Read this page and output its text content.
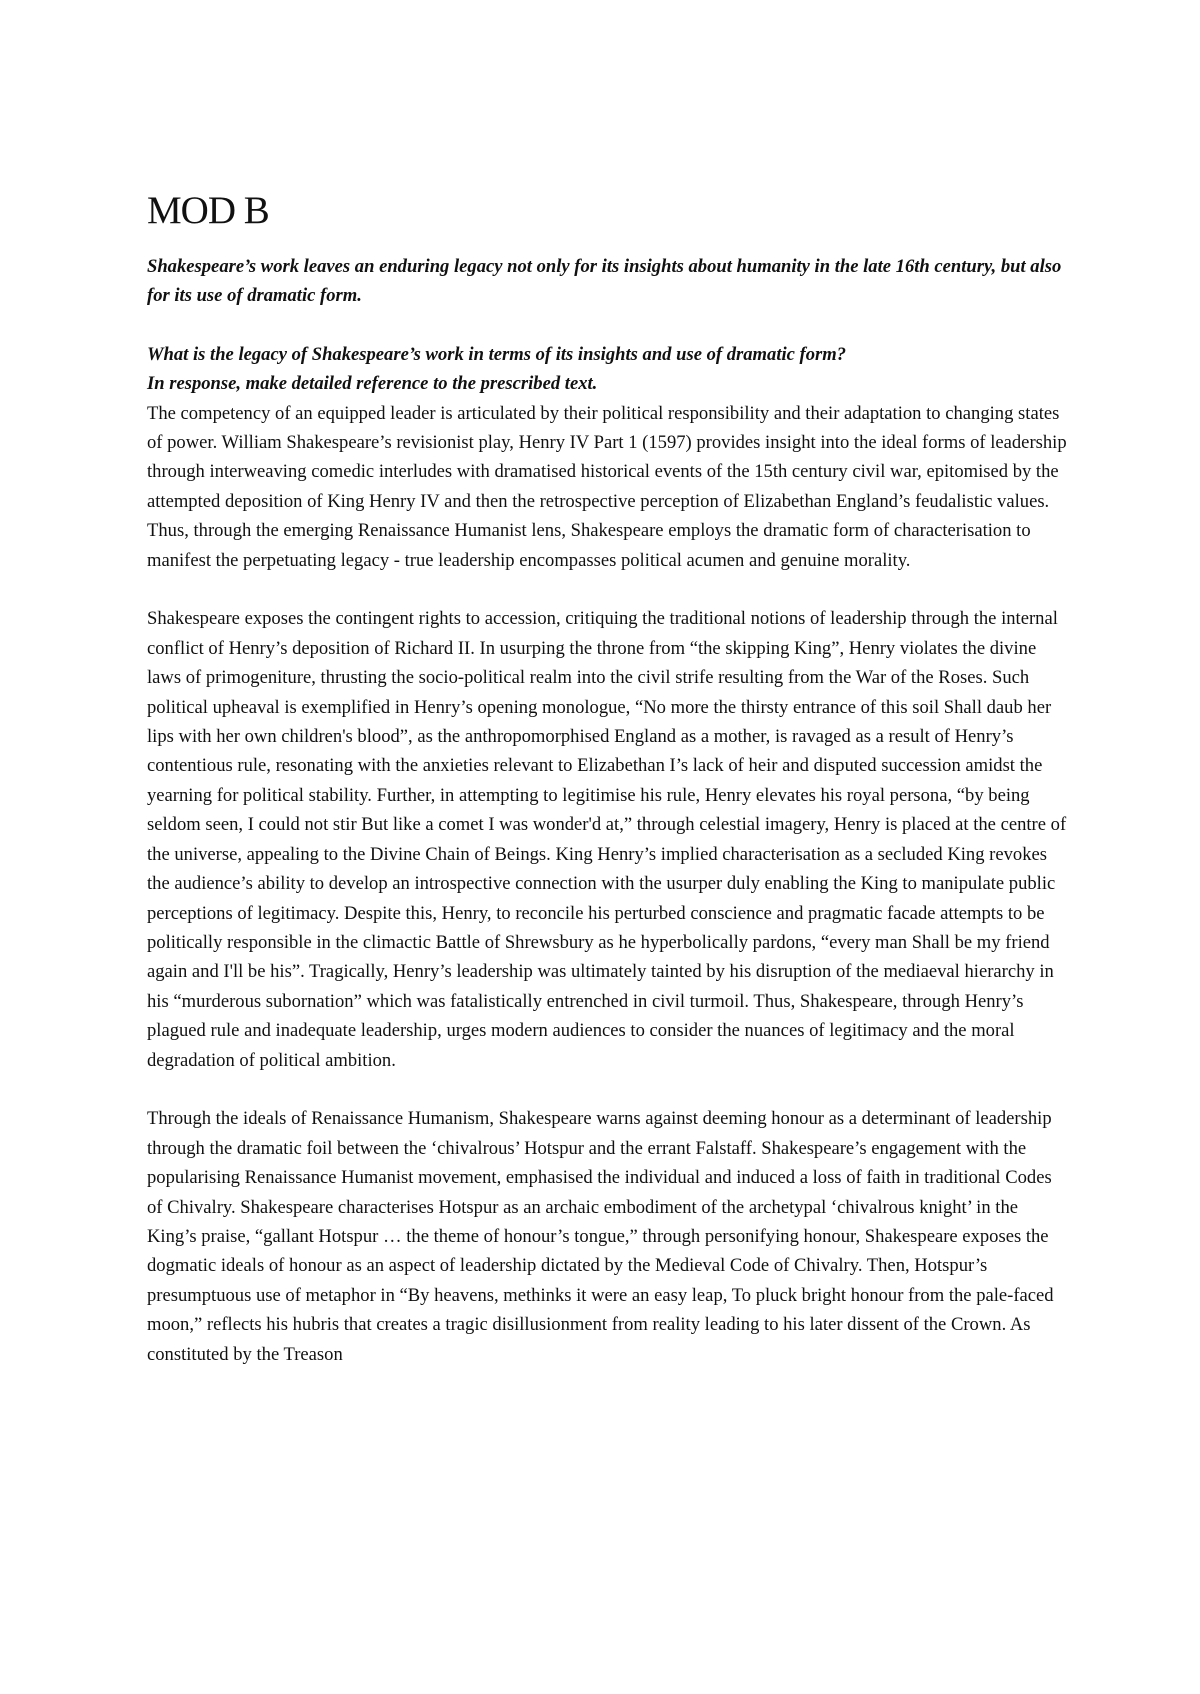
MOD B

Shakespeare’s work leaves an enduring legacy not only for its insights about humanity in the late 16th century, but also for its use of dramatic form.

What is the legacy of Shakespeare’s work in terms of its insights and use of dramatic form?

In response, make detailed reference to the prescribed text.

The competency of an equipped leader is articulated by their political responsibility and their adaptation to changing states of power. William Shakespeare’s revisionist play, Henry IV Part 1 (1597) provides insight into the ideal forms of leadership through interweaving comedic interludes with dramatised historical events of the 15th century civil war, epitomised by the attempted deposition of King Henry IV and then the retrospective perception of Elizabethan England’s feudalistic values. Thus, through the emerging Renaissance Humanist lens, Shakespeare employs the dramatic form of characterisation to manifest the perpetuating legacy - true leadership encompasses political acumen and genuine morality.

Shakespeare exposes the contingent rights to accession, critiquing the traditional notions of leadership through the internal conflict of Henry’s deposition of Richard II. In usurping the throne from “the skipping King”, Henry violates the divine laws of primogeniture, thrusting the socio-political realm into the civil strife resulting from the War of the Roses. Such political upheaval is exemplified in Henry’s opening monologue, “No more the thirsty entrance of this soil Shall daub her lips with her own children's blood”, as the anthropomorphised England as a mother, is ravaged as a result of Henry’s contentious rule, resonating with the anxieties relevant to Elizabethan I’s lack of heir and disputed succession amidst the yearning for political stability. Further, in attempting to legitimise his rule, Henry elevates his royal persona, “by being seldom seen, I could not stir But like a comet I was wonder'd at,” through celestial imagery, Henry is placed at the centre of the universe, appealing to the Divine Chain of Beings. King Henry’s implied characterisation as a secluded King revokes the audience’s ability to develop an introspective connection with the usurper duly enabling the King to manipulate public perceptions of legitimacy. Despite this, Henry, to reconcile his perturbed conscience and pragmatic facade attempts to be politically responsible in the climactic Battle of Shrewsbury as he hyperbolically pardons, “every man Shall be my friend again and I'll be his”. Tragically, Henry’s leadership was ultimately tainted by his disruption of the mediaeval hierarchy in his “murderous subornation” which was fatalistically entrenched in civil turmoil. Thus, Shakespeare, through Henry’s plagued rule and inadequate leadership, urges modern audiences to consider the nuances of legitimacy and the moral degradation of political ambition.

Through the ideals of Renaissance Humanism, Shakespeare warns against deeming honour as a determinant of leadership through the dramatic foil between the ‘chivalrous’ Hotspur and the errant Falstaff. Shakespeare’s engagement with the popularising Renaissance Humanist movement, emphasised the individual and induced a loss of faith in traditional Codes of Chivalry. Shakespeare characterises Hotspur as an archaic embodiment of the archetypal ‘chivalrous knight’ in the King’s praise, “gallant Hotspur … the theme of honour’s tongue,” through personifying honour, Shakespeare exposes the dogmatic ideals of honour as an aspect of leadership dictated by the Medieval Code of Chivalry. Then, Hotspur’s presumptuous use of metaphor in “By heavens, methinks it were an easy leap, To pluck bright honour from the pale-faced moon,” reflects his hubris that creates a tragic disillusionment from reality leading to his later dissent of the Crown. As constituted by the Treason
